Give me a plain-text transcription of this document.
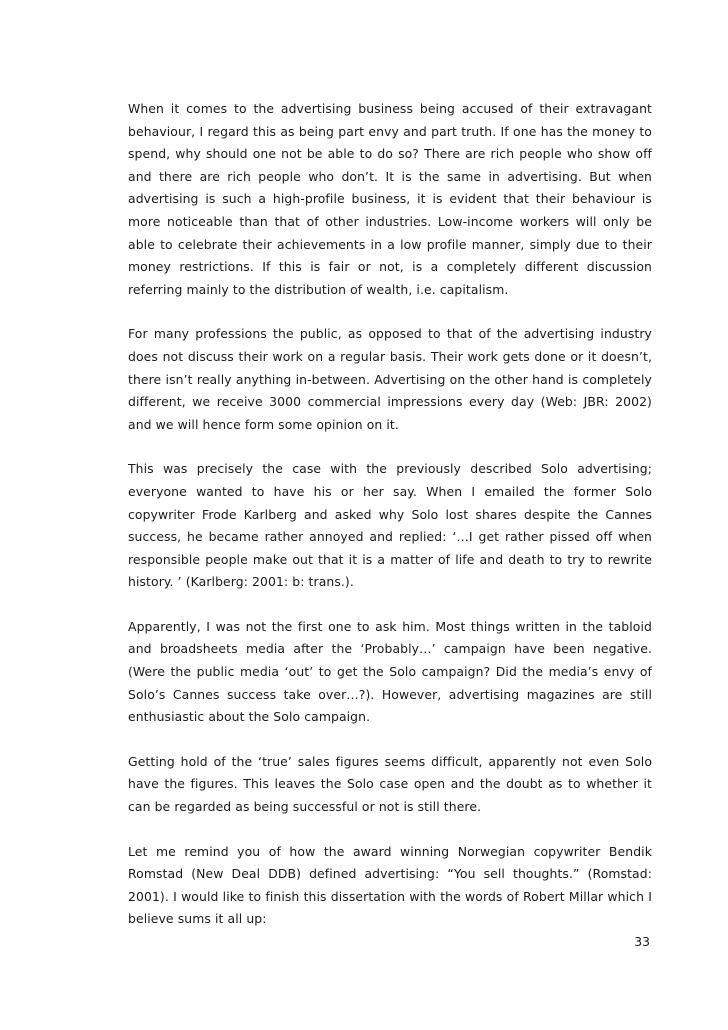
When it comes to the advertising business being accused of their extravagant behaviour, I regard this as being part envy and part truth. If one has the money to spend, why should one not be able to do so? There are rich people who show off and there are rich people who don’t. It is the same in advertising. But when advertising is such a high-profile business, it is evident that their behaviour is more noticeable than that of other industries. Low-income workers will only be able to celebrate their achievements in a low profile manner, simply due to their money restrictions. If this is fair or not, is a completely different discussion referring mainly to the distribution of wealth, i.e. capitalism.

For many professions the public, as opposed to that of the advertising industry does not discuss their work on a regular basis. Their work gets done or it doesn’t, there isn’t really anything in-between. Advertising on the other hand is completely different, we receive 3000 commercial impressions every day (Web: JBR: 2002) and we will hence form some opinion on it.

This was precisely the case with the previously described Solo advertising; everyone wanted to have his or her say. When I emailed the former Solo copywriter Frode Karlberg and asked why Solo lost shares despite the Cannes success, he became rather annoyed and replied: ‘…I get rather pissed off when responsible people make out that it is a matter of life and death to try to rewrite history. ’ (Karlberg: 2001: b: trans.).

Apparently, I was not the first one to ask him. Most things written in the tabloid and broadsheets media after the ‘Probably…’ campaign have been negative. (Were the public media ‘out’ to get the Solo campaign? Did the media’s envy of Solo’s Cannes success take over…?). However, advertising magazines are still enthusiastic about the Solo campaign.

Getting hold of the ‘true’ sales figures seems difficult, apparently not even Solo have the figures. This leaves the Solo case open and the doubt as to whether it can be regarded as being successful or not is still there.

Let me remind you of how the award winning Norwegian copywriter Bendik Romstad (New Deal DDB) defined advertising: “You sell thoughts.” (Romstad: 2001). I would like to finish this dissertation with the words of Robert Millar which I believe sums it all up:

33
